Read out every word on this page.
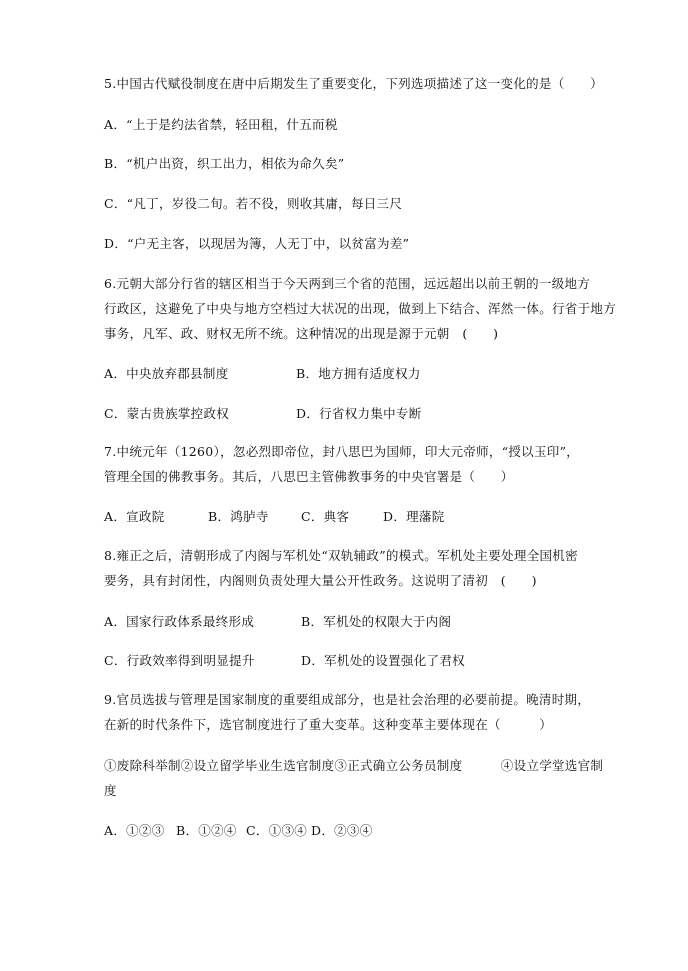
5.中国古代赋役制度在唐中后期发生了重要变化，下列选项描述了这一变化的是（　　）
A．“上于是约法省禁，轻田租，什五而税
B．“机户出资，织工出力，相依为命久矣”
C．“凡丁，岁役二旬。若不役，则收其庸，每日三尺
D．“户无主客，以现居为簿，人无丁中，以贫富为差”
6.元朝大部分行省的辖区相当于今天两到三个省的范围，远远超出以前王朝的一级地方
行政区，这避免了中央与地方空档过大状况的出现，做到上下结合、浑然一体。行省于地方
事务，凡军、政、财权无所不统。这种情况的出现是源于元朝　(　　)
A．中央放弃郡县制度	B．地方拥有适度权力
C．蒙古贵族掌控政权	D．行省权力集中专断
7.中统元年（1260），忽必烈即帝位，封八思巴为国师，印大元帝师，“授以玉印”，
管理全国的佛教事务。其后，八思巴主管佛教事务的中央官署是（　　）
A．宣政院	B．鸿胪寺	C．典客	D．理藩院
8.雍正之后，清朝形成了内阁与军机处“双轨辅政”的模式。军机处主要处理全国机密
要务，具有封闭性，内阁则负责处理大量公开性政务。这说明了清初　(　　)
A．国家行政体系最终形成	B．军机处的权限大于内阁
C．行政效率得到明显提升	D．军机处的设置强化了君权
9.官员选拔与管理是国家制度的重要组成部分，也是社会治理的必要前提。晚清时期，
在新的时代条件下，选官制度进行了重大变革。这种变革主要体现在（　　　）
①废除科举制②设立留学毕业生选官制度③正式确立公务员制度　　　④设立学堂选官制
度
A．①②③ B．①②④ C．①③④ D．②③④
